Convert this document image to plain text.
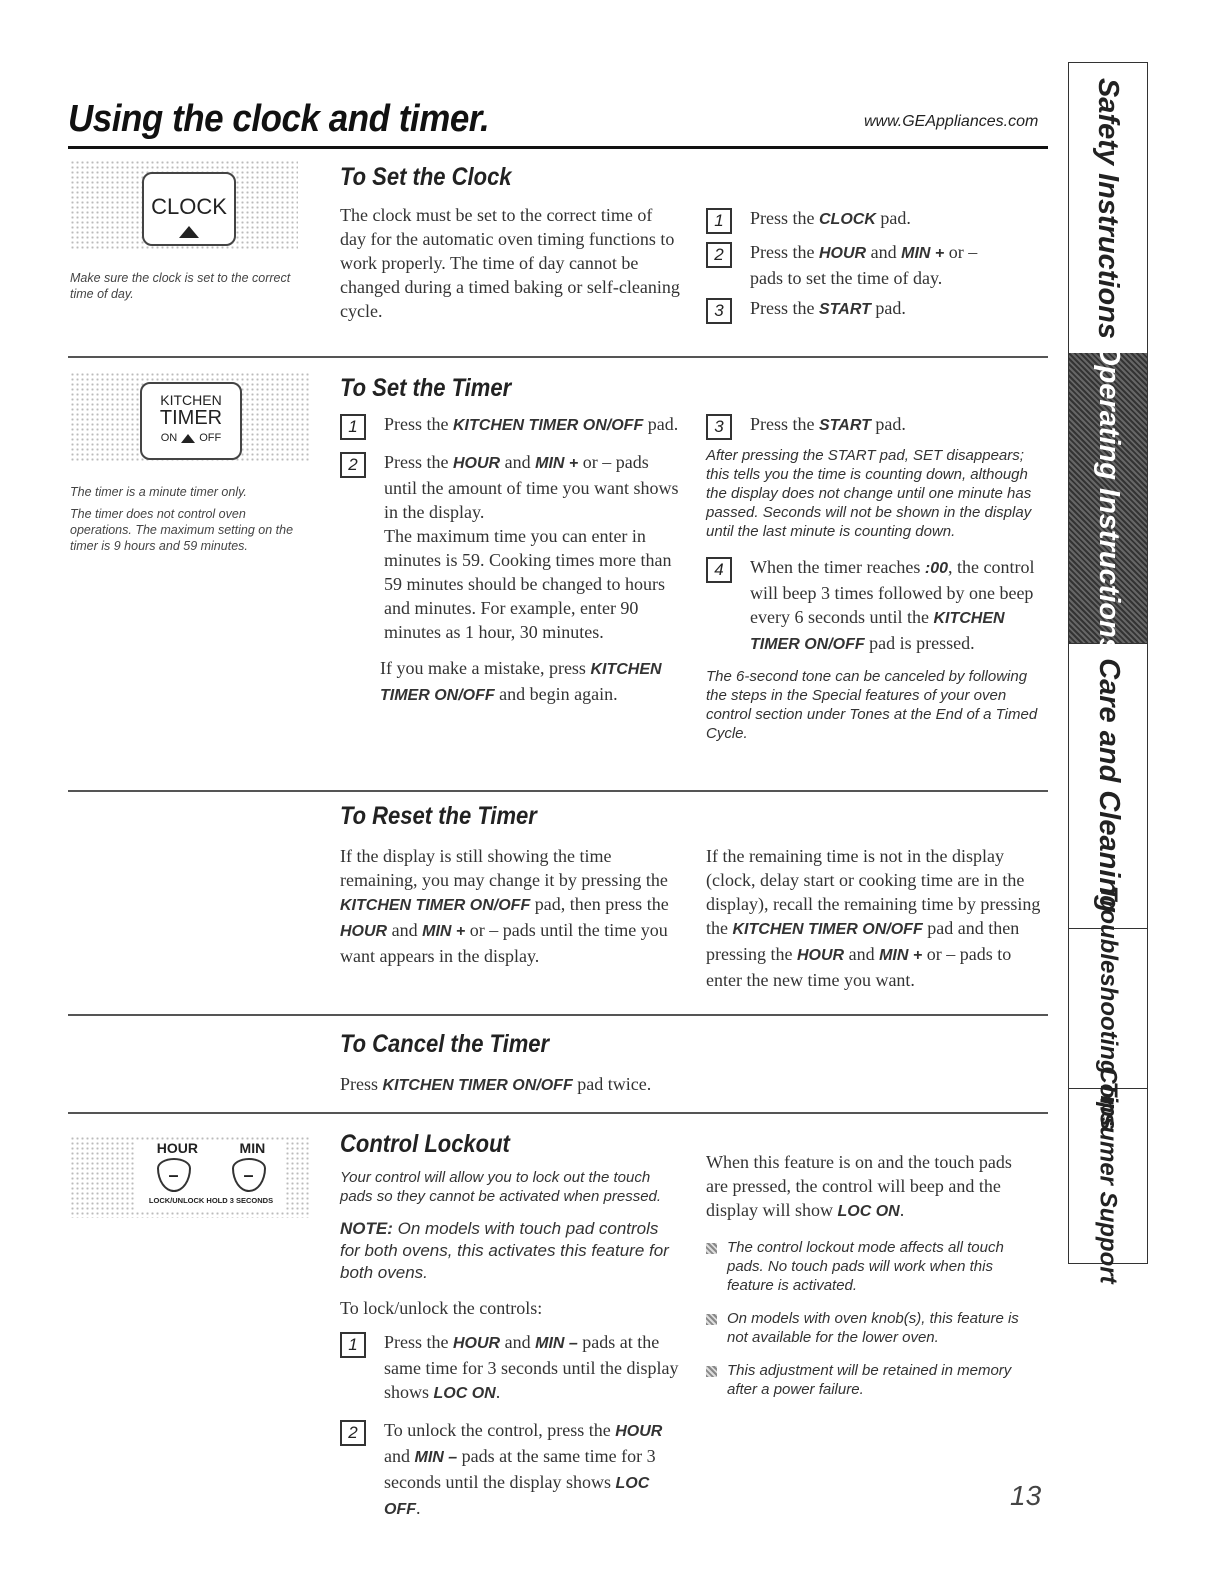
Using the clock and timer.	www.GEAppliances.com
CLOCK
Make sure the clock is set to the correct time of day.
To Set the Clock
The clock must be set to the correct time of day for the automatic oven timing functions to work properly. The time of day cannot be changed during a timed baking or self-cleaning cycle.
1	Press the CLOCK pad.
2	Press the HOUR and MIN + or – pads to set the time of day.
3	Press the START pad.
KITCHEN
TIMER
ON OFF
The timer is a minute timer only.
The timer does not control oven operations. The maximum setting on the timer is 9 hours and 59 minutes.
To Set the Timer
1	Press the KITCHEN TIMER ON/OFF pad.
2	Press the HOUR and MIN + or – pads until the amount of time you want shows in the display.
The maximum time you can enter in minutes is 59. Cooking times more than 59 minutes should be changed to hours and minutes. For example, enter 90 minutes as 1 hour, 30 minutes.
If you make a mistake, press KITCHEN TIMER ON/OFF and begin again.
3	Press the START pad.
After pressing the START pad, SET disappears; this tells you the time is counting down, although the display does not change until one minute has passed. Seconds will not be shown in the display until the last minute is counting down.
4	When the timer reaches :00, the control will beep 3 times followed by one beep every 6 seconds until the KITCHEN TIMER ON/OFF pad is pressed.
The 6-second tone can be canceled by following the steps in the Special features of your oven control section under Tones at the End of a Timed Cycle.
To Reset the Timer
If the display is still showing the time remaining, you may change it by pressing the KITCHEN TIMER ON/OFF pad, then press the HOUR and MIN + or – pads until the time you want appears in the display.
If the remaining time is not in the display (clock, delay start or cooking time are in the display), recall the remaining time by pressing the KITCHEN TIMER ON/OFF pad and then pressing the HOUR and MIN + or – pads to enter the new time you want.
To Cancel the Timer
Press KITCHEN TIMER ON/OFF pad twice.
HOUR	MIN
–	–
LOCK/UNLOCK HOLD 3 SECONDS
Control Lockout
Your control will allow you to lock out the touch pads so they cannot be activated when pressed.
NOTE: On models with touch pad controls for both ovens, this activates this feature for both ovens.
To lock/unlock the controls:
1	Press the HOUR and MIN – pads at the same time for 3 seconds until the display shows LOC ON.
2	To unlock the control, press the HOUR and MIN – pads at the same time for 3 seconds until the display shows LOC OFF.
When this feature is on and the touch pads are pressed, the control will beep and the display will show LOC ON.
The control lockout mode affects all touch pads. No touch pads will work when this feature is activated.
On models with oven knob(s), this feature is not available for the lower oven.
This adjustment will be retained in memory after a power failure.
Safety Instructions
Operating Instructions
Care and Cleaning
Troubleshooting Tips
Consumer Support
13
